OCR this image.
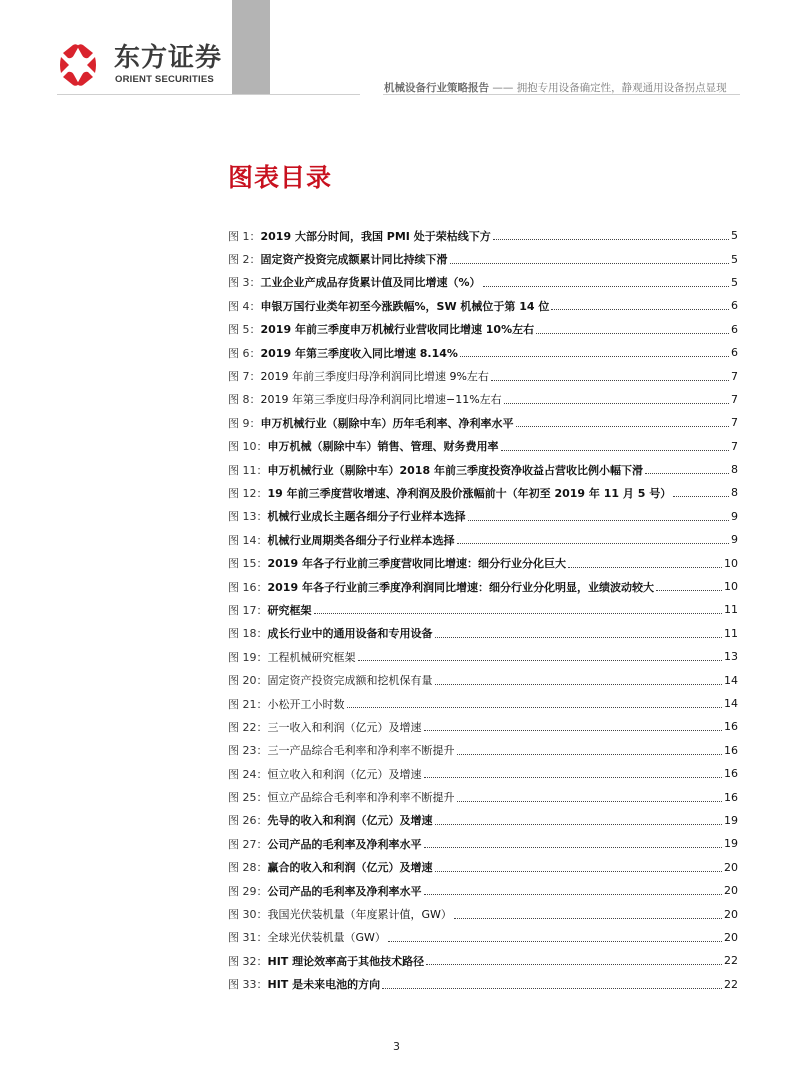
东方证券
ORIENT SECURITIES
机械设备行业策略报告 —— 拥抱专用设备确定性，静观通用设备拐点显现
图表目录
图 1： 2019 大部分时间，我国 PMI 处于荣枯线下方	5
图 2： 固定资产投资完成额累计同比持续下滑	5
图 3： 工业企业产成品存货累计值及同比增速（%）	5
图 4： 申银万国行业类年初至今涨跌幅%，SW 机械位于第 14 位	6
图 5： 2019 年前三季度申万机械行业营收同比增速 10%左右	6
图 6： 2019 年第三季度收入同比增速 8.14%	6
图 7： 2019 年前三季度归母净利润同比增速 9%左右	7
图 8： 2019 年第三季度归母净利润同比增速−11%左右	7
图 9： 申万机械行业（剔除中车）历年毛利率、净利率水平	7
图 10： 申万机械（剔除中车）销售、管理、财务费用率	7
图 11： 申万机械行业（剔除中车）2018 年前三季度投资净收益占营收比例小幅下滑	8
图 12： 19 年前三季度营收增速、净利润及股价涨幅前十（年初至 2019 年 11 月 5 号）	8
图 13： 机械行业成长主题各细分子行业样本选择	9
图 14： 机械行业周期类各细分子行业样本选择	9
图 15： 2019 年各子行业前三季度营收同比增速：细分行业分化巨大	10
图 16： 2019 年各子行业前三季度净利润同比增速：细分行业分化明显，业绩波动较大	10
图 17： 研究框架	11
图 18： 成长行业中的通用设备和专用设备	11
图 19： 工程机械研究框架	13
图 20： 固定资产投资完成额和挖机保有量	14
图 21： 小松开工小时数	14
图 22： 三一收入和利润（亿元）及增速	16
图 23： 三一产品综合毛利率和净利率不断提升	16
图 24： 恒立收入和利润（亿元）及增速	16
图 25： 恒立产品综合毛利率和净利率不断提升	16
图 26： 先导的收入和利润（亿元）及增速	19
图 27： 公司产品的毛利率及净利率水平	19
图 28： 赢合的收入和利润（亿元）及增速	20
图 29： 公司产品的毛利率及净利率水平	20
图 30： 我国光伏装机量（年度累计值，GW）	20
图 31： 全球光伏装机量（GW）	20
图 32： HIT 理论效率高于其他技术路径	22
图 33： HIT 是未来电池的方向	22
3
